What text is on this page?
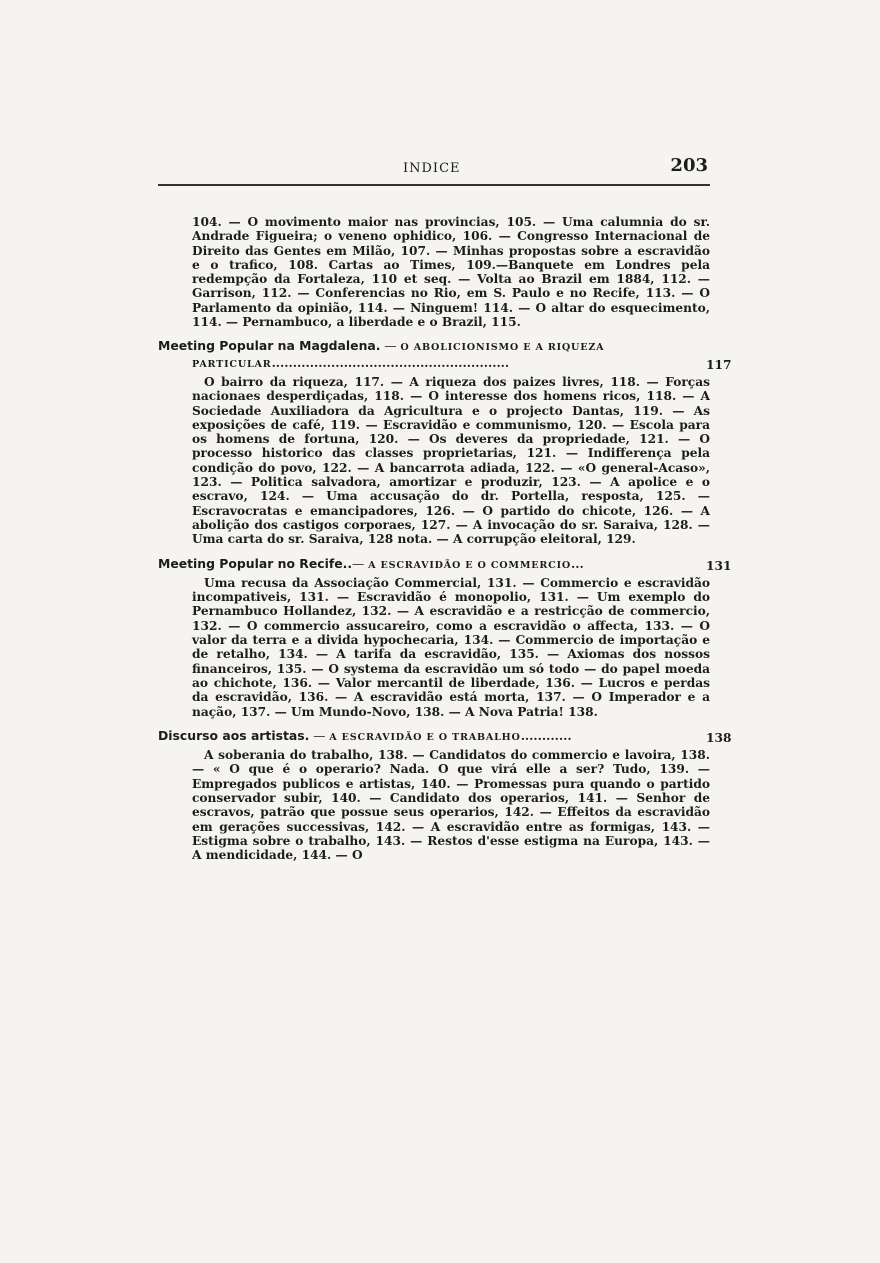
INDICE	203

104. — O movimento maior nas provincias, 105. — Uma calumnia do sr. Andrade Figueira; o veneno ophidico, 106. — Congresso Internacional de Direito das Gentes em Milão, 107. — Minhas propostas sobre a escravidão e o trafico, 108. Cartas ao Times, 109.—Banquete em Londres pela redempção da Fortaleza, 110 et seq. — Volta ao Brazil em 1884, 112. — Garrison, 112. — Conferencias no Rio, em S. Paulo e no Recife, 113. — O Parlamento da opinião, 114. — Ninguem! 114. — O altar do esquecimento, 114. — Pernambuco, a liberdade e o Brazil, 115.

Meeting Popular na Magdalena. — O ABOLICIONISMO E A RIQUEZA PARTICULAR........................................................	117

O bairro da riqueza, 117. — A riqueza dos paizes livres, 118. — Forças nacionaes desperdiçadas, 118. — O interesse dos homens ricos, 118. — A Sociedade Auxiliadora da Agricultura e o projecto Dantas, 119. — As exposições de café, 119. — Escravidão e communismo, 120. — Escola para os homens de fortuna, 120. — Os deveres da propriedade, 121. — O processo historico das classes proprietarias, 121. — Indifferença pela condição do povo, 122. — A bancarrota adiada, 122. — «O general-Acaso», 123. — Politica salvadora, amortizar e produzir, 123. — A apolice e o escravo, 124. — Uma accusação do dr. Portella, resposta, 125. — Escravocratas e emancipadores, 126. — O partido do chicote, 126. — A abolição dos castigos corporaes, 127. — A invocação do sr. Saraiva, 128. — Uma carta do sr. Saraiva, 128 nota. — A corrupção eleitoral, 129.

Meeting Popular no Recife..— A ESCRAVIDÃO E O COMMERCIO...	131

Uma recusa da Associação Commercial, 131. — Commercio e escravidão incompativeis, 131. — Escravidão é monopolio, 131. — Um exemplo do Pernambuco Hollandez, 132. — A escravidão e a restricção de commercio, 132. — O commercio assucareiro, como a escravidão o affecta, 133. — O valor da terra e a divida hypochecaria, 134. — Commercio de importação e de retalho, 134. — A tarifa da escravidão, 135. — Axiomas dos nossos financeiros, 135. — O systema da escravidão um só todo — do papel moeda ao chichote, 136. — Valor mercantil de liberdade, 136. — Lucros e perdas da escravidão, 136. — A escravidão está morta, 137. — O Imperador e a nação, 137. — Um Mundo-Novo, 138. — A Nova Patria! 138.

Discurso aos artistas. — A ESCRAVIDÃO E O TRABALHO............	138

A soberania do trabalho, 138. — Candidatos do commercio e lavoira, 138. — « O que é o operario? Nada. O que virá elle a ser? Tudo, 139. — Empregados publicos e artistas, 140. — Promessas pura quando o partido conservador subir, 140. — Candidato dos operarios, 141. — Senhor de escravos, patrão que possue seus operarios, 142. — Effeitos da escravidão em gerações successivas, 142. — A escravidão entre as formigas, 143. — Estigma sobre o trabalho, 143. — Restos d'esse estigma na Europa, 143. — A mendicidade, 144. — O
